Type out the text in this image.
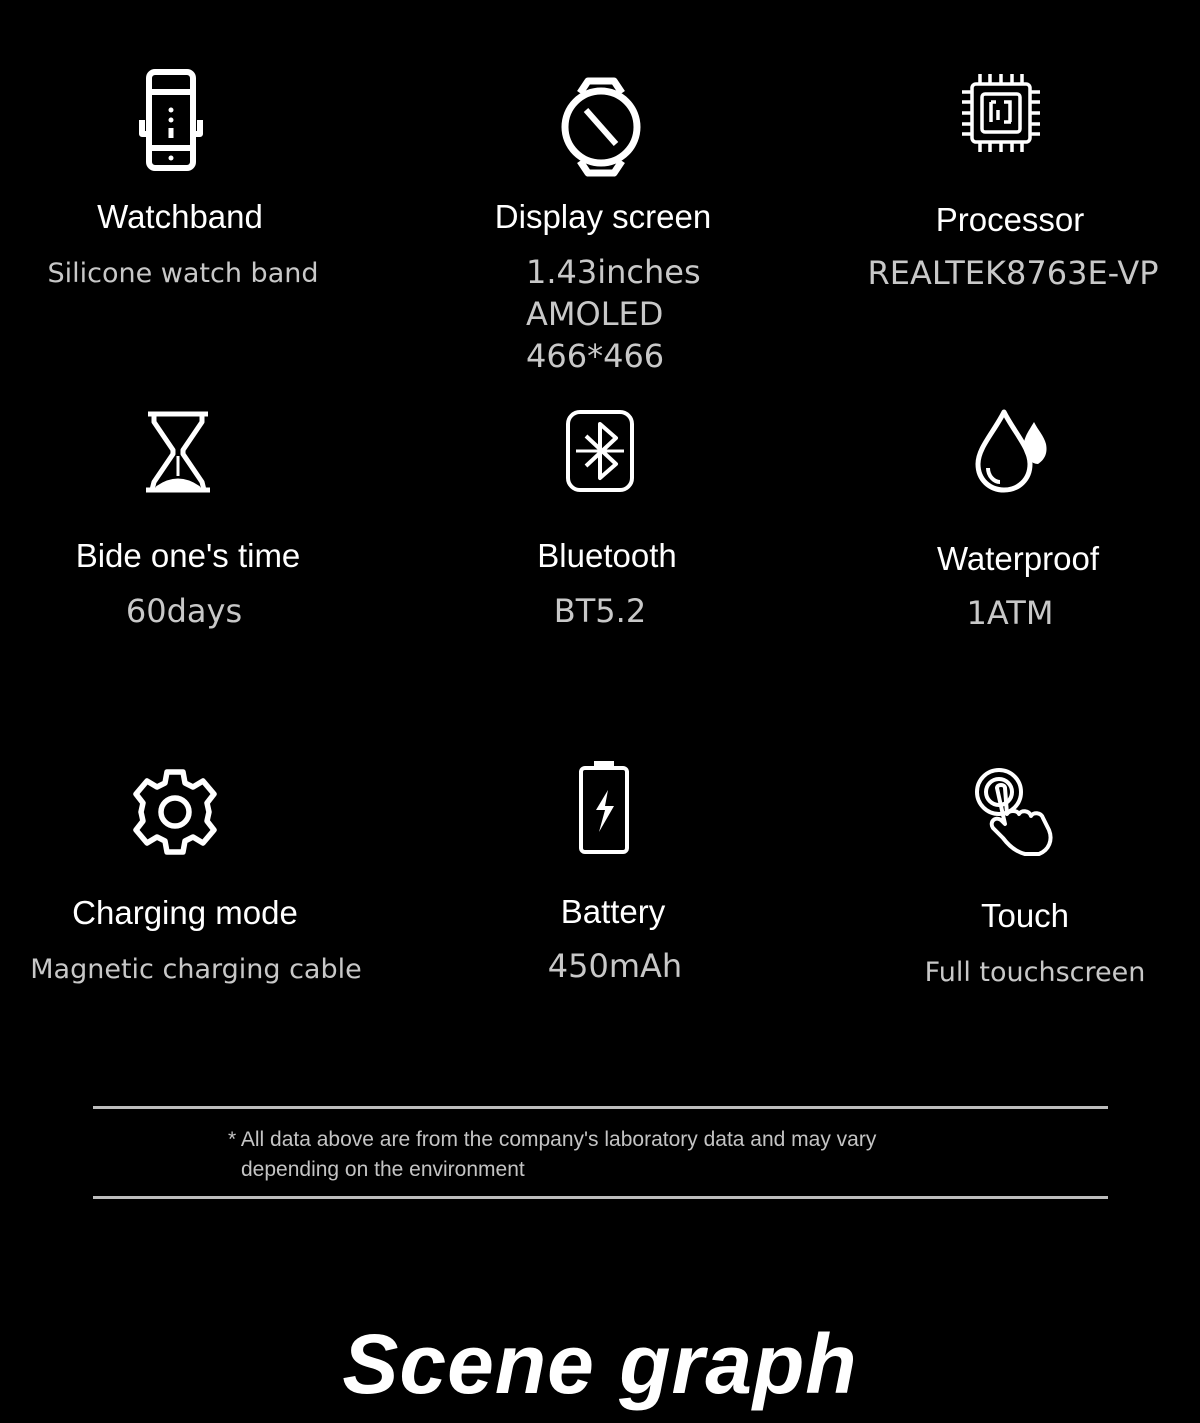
Watchband
Silicone watch band
Display screen
1.43inches
AMOLED
466*466
Processor
REALTEK8763E-VP
Bide one's time
60days
Bluetooth
BT5.2
Waterproof
1ATM
Charging mode
Magnetic charging cable
Battery
450mAh
Touch
Full touchscreen
* All data above are from the company's laboratory data and may vary
depending on the environment
Scene graph
